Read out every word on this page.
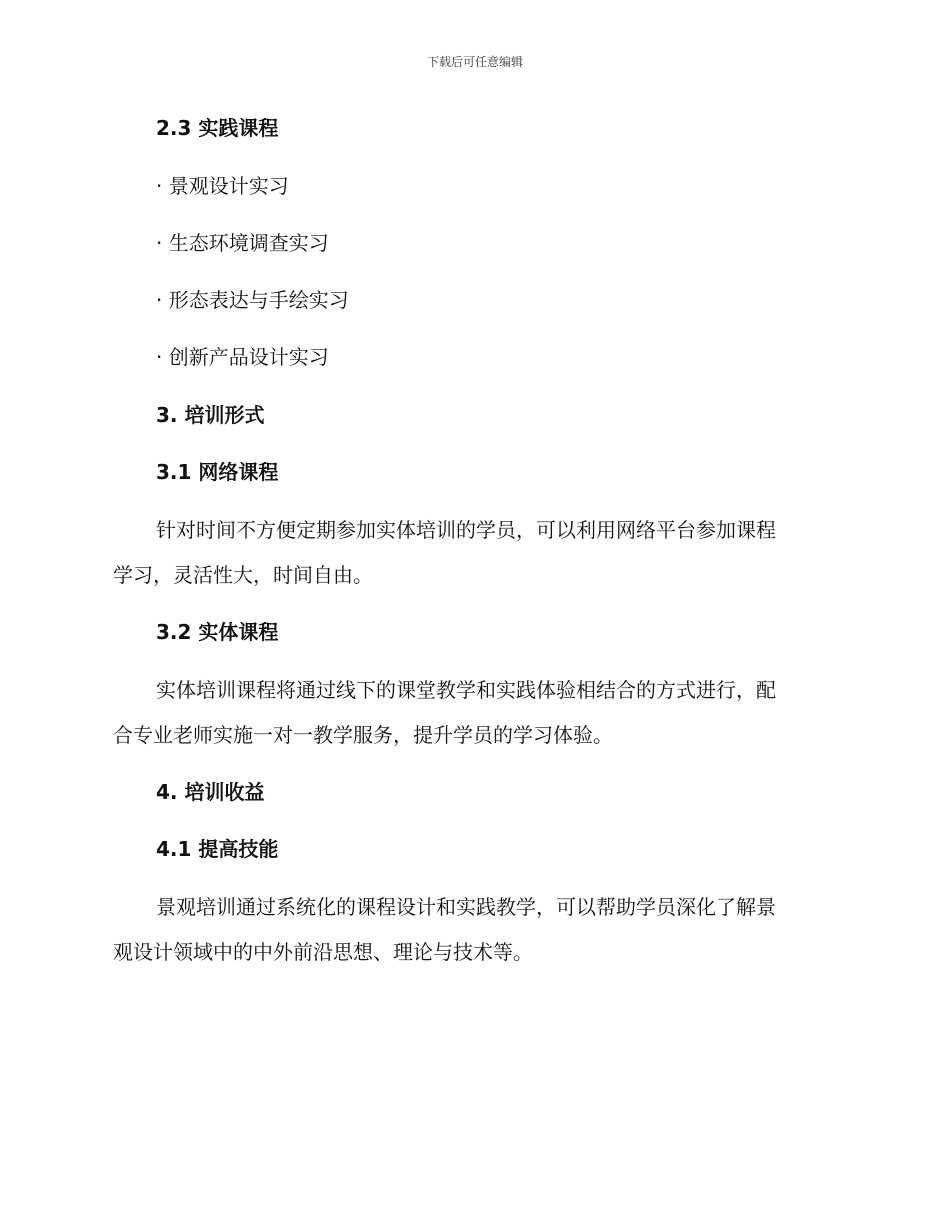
下载后可任意编辑
2.3 实践课程
· 景观设计实习
· 生态环境调查实习
· 形态表达与手绘实习
· 创新产品设计实习
3. 培训形式
3.1 网络课程
针对时间不方便定期参加实体培训的学员，可以利用网络平台参加课程
学习，灵活性大，时间自由。
3.2 实体课程
实体培训课程将通过线下的课堂教学和实践体验相结合的方式进行，配
合专业老师实施一对一教学服务，提升学员的学习体验。
4. 培训收益
4.1 提高技能
景观培训通过系统化的课程设计和实践教学，可以帮助学员深化了解景
观设计领域中的中外前沿思想、理论与技术等。
